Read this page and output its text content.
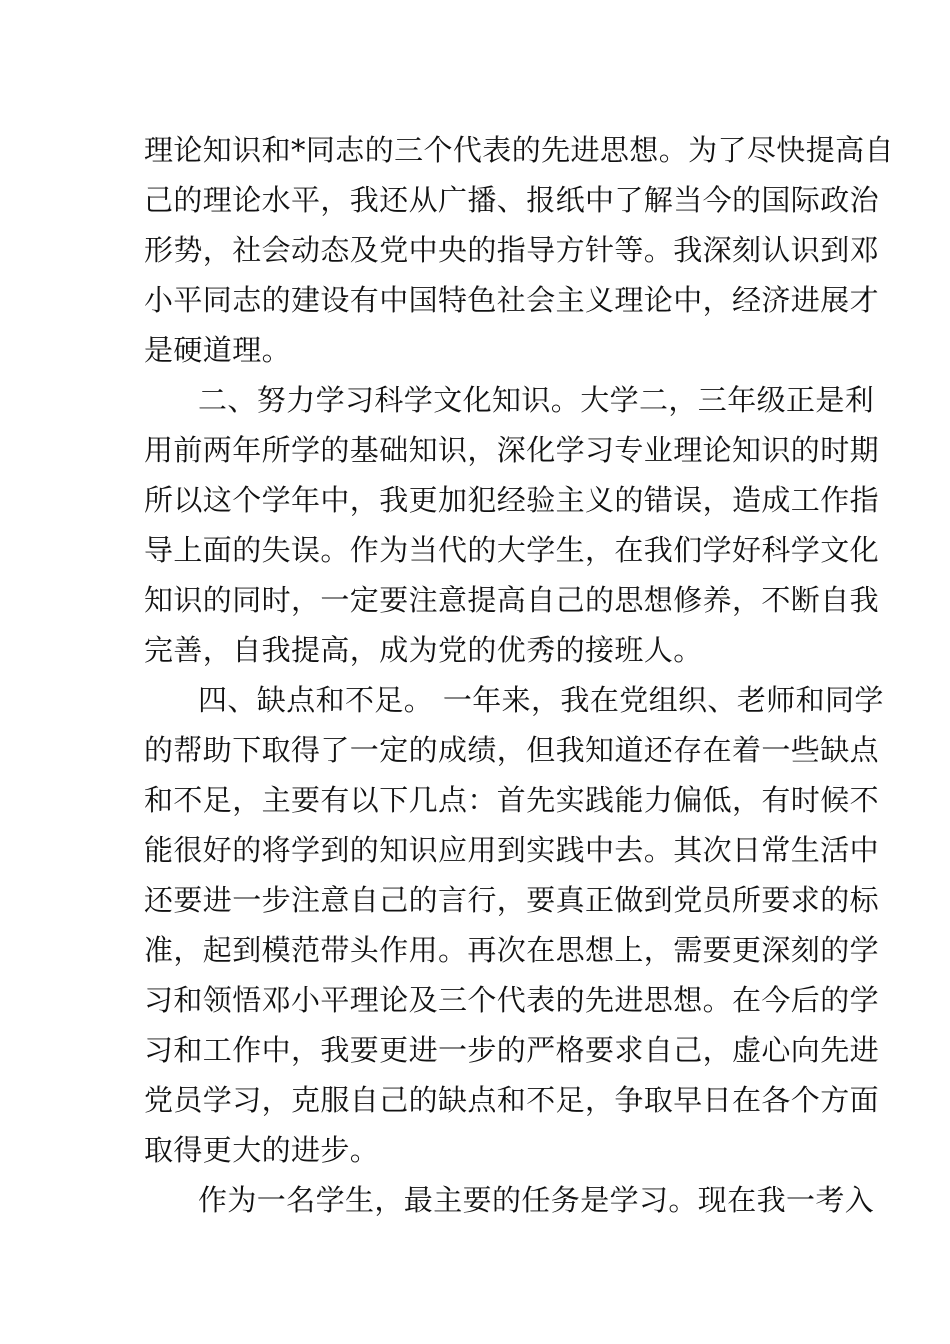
理论知识和*同志的三个代表的先进思想。为了尽快提高自

己的理论水平，我还从广播、报纸中了解当今的国际政治

形势，社会动态及党中央的指导方针等。我深刻认识到邓

小平同志的建设有中国特色社会主义理论中，经济进展才

是硬道理。

二、努力学习科学文化知识。大学二，三年级正是利

用前两年所学的基础知识，深化学习专业理论知识的时期

所以这个学年中，我更加犯经验主义的错误，造成工作指

导上面的失误。作为当代的大学生，在我们学好科学文化

知识的同时，一定要注意提高自己的思想修养，不断自我

完善，自我提高，成为党的优秀的接班人。

四、缺点和不足。 一年来，我在党组织、老师和同学

的帮助下取得了一定的成绩，但我知道还存在着一些缺点

和不足，主要有以下几点：首先实践能力偏低，有时候不

能很好的将学到的知识应用到实践中去。其次日常生活中

还要进一步注意自己的言行，要真正做到党员所要求的标

准，起到模范带头作用。再次在思想上，需要更深刻的学

习和领悟邓小平理论及三个代表的先进思想。在今后的学

习和工作中，我要更进一步的严格要求自己，虚心向先进

党员学习，克服自己的缺点和不足，争取早日在各个方面

取得更大的进步。

作为一名学生，最主要的任务是学习。现在我一考入
